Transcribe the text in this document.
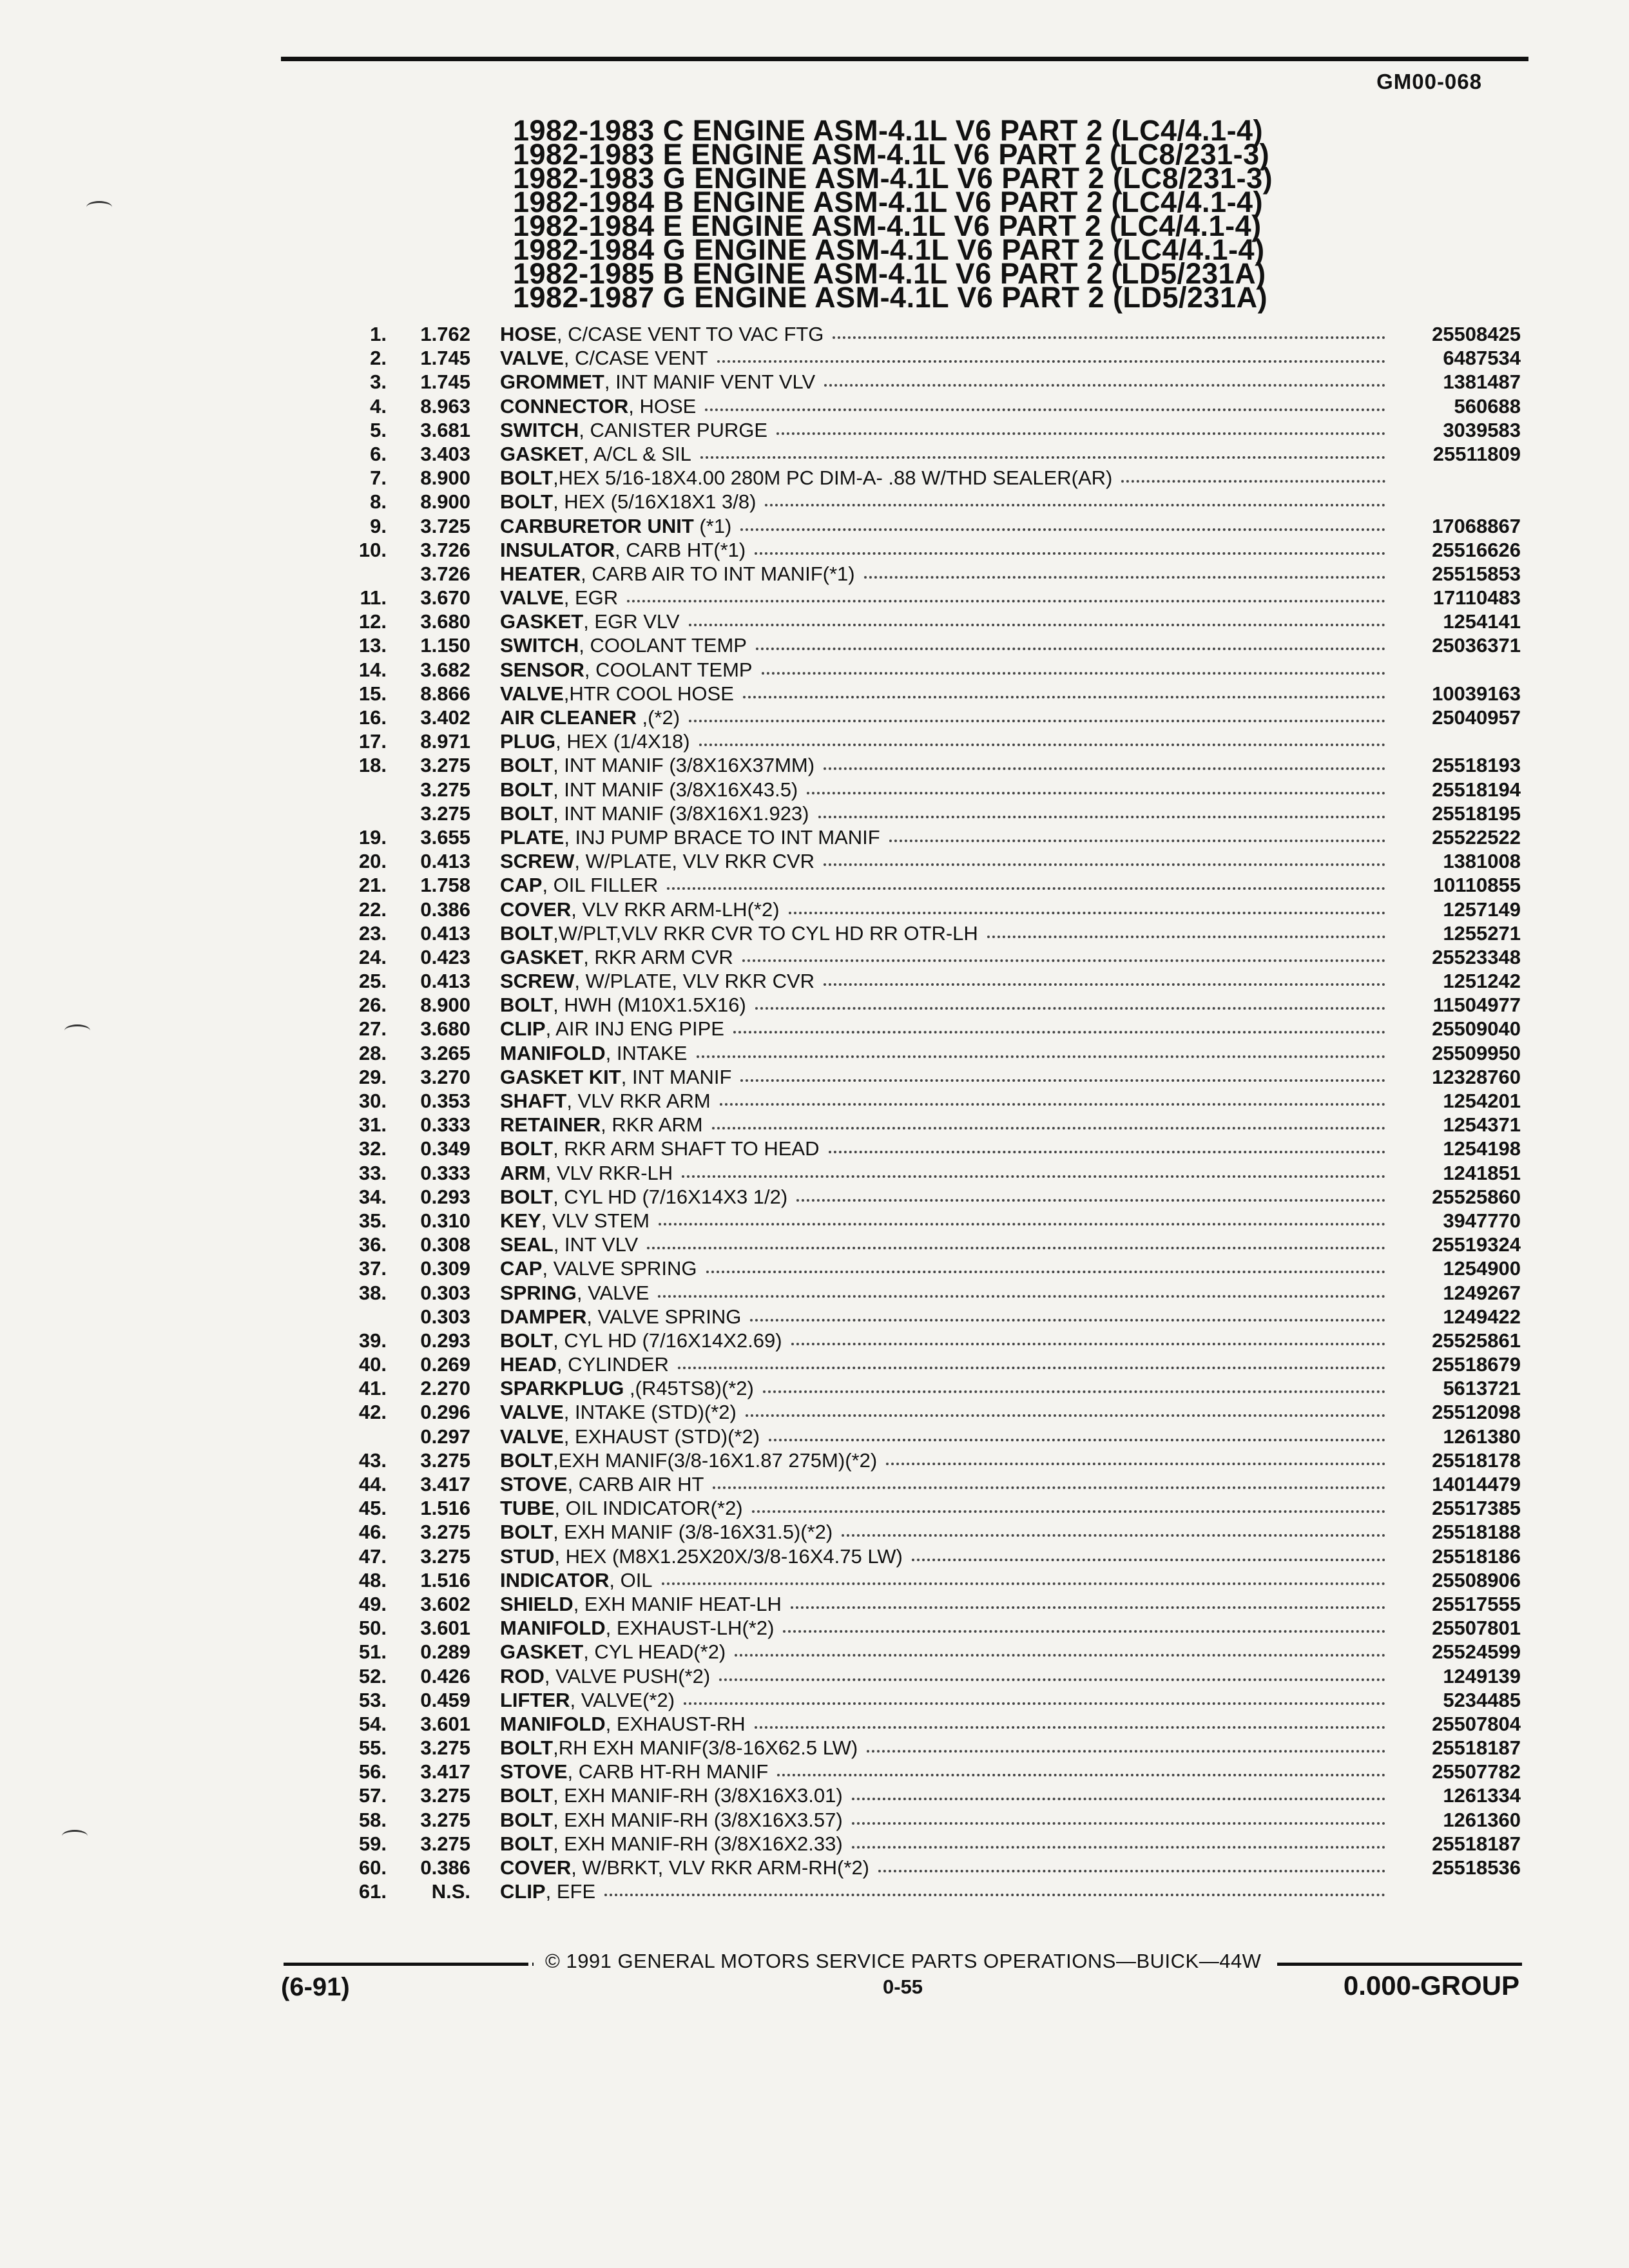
GM00-068
1982-1983 C ENGINE ASM-4.1L V6 PART 2 (LC4/4.1-4)
1982-1983 E ENGINE ASM-4.1L V6 PART 2 (LC8/231-3)
1982-1983 G ENGINE ASM-4.1L V6 PART 2 (LC8/231-3)
1982-1984 B ENGINE ASM-4.1L V6 PART 2 (LC4/4.1-4)
1982-1984 E ENGINE ASM-4.1L V6 PART 2 (LC4/4.1-4)
1982-1984 G ENGINE ASM-4.1L V6 PART 2 (LC4/4.1-4)
1982-1985 B ENGINE ASM-4.1L V6 PART 2 (LD5/231A)
1982-1987 G ENGINE ASM-4.1L V6 PART 2 (LD5/231A)
1.	1.762 HOSE, C/CASE VENT TO VAC FTG	25508425
2.	1.745 VALVE, C/CASE VENT	6487534
3.	1.745 GROMMET, INT MANIF VENT VLV	1381487
4.	8.963 CONNECTOR, HOSE	560688
5.	3.681 SWITCH, CANISTER PURGE	3039583
6.	3.403 GASKET, A/CL & SIL	25511809
7.	8.900 BOLT,HEX 5/16-18X4.00 280M PC DIM-A- .88 W/THD SEALER(AR)
8.	8.900 BOLT, HEX (5/16X18X1 3/8)
9.	3.725 CARBURETOR UNIT (*1)	17068867
10.	3.726 INSULATOR, CARB HT(*1)	25516626
3.726 HEATER, CARB AIR TO INT MANIF(*1)	25515853
11.	3.670 VALVE, EGR	17110483
12.	3.680 GASKET, EGR VLV	1254141
13.	1.150 SWITCH, COOLANT TEMP	25036371
14.	3.682 SENSOR, COOLANT TEMP
15.	8.866 VALVE,HTR COOL HOSE	10039163
16.	3.402 AIR CLEANER ,(*2)	25040957
17.	8.971 PLUG, HEX (1/4X18)
18.	3.275 BOLT, INT MANIF (3/8X16X37MM)	25518193
3.275 BOLT, INT MANIF (3/8X16X43.5)	25518194
3.275 BOLT, INT MANIF (3/8X16X1.923)	25518195
19.	3.655 PLATE, INJ PUMP BRACE TO INT MANIF	25522522
20.	0.413 SCREW, W/PLATE, VLV RKR CVR	1381008
21.	1.758 CAP, OIL FILLER	10110855
22.	0.386 COVER, VLV RKR ARM-LH(*2)	1257149
23.	0.413 BOLT,W/PLT,VLV RKR CVR TO CYL HD RR OTR-LH	1255271
24.	0.423 GASKET, RKR ARM CVR	25523348
25.	0.413 SCREW, W/PLATE, VLV RKR CVR	1251242
26.	8.900 BOLT, HWH (M10X1.5X16)	11504977
27.	3.680 CLIP, AIR INJ ENG PIPE	25509040
28.	3.265 MANIFOLD, INTAKE	25509950
29.	3.270 GASKET KIT, INT MANIF	12328760
30.	0.353 SHAFT, VLV RKR ARM	1254201
31.	0.333 RETAINER, RKR ARM	1254371
32.	0.349 BOLT, RKR ARM SHAFT TO HEAD	1254198
33.	0.333 ARM, VLV RKR-LH	1241851
34.	0.293 BOLT, CYL HD (7/16X14X3 1/2)	25525860
35.	0.310 KEY, VLV STEM	3947770
36.	0.308 SEAL, INT VLV	25519324
37.	0.309 CAP, VALVE SPRING	1254900
38.	0.303 SPRING, VALVE	1249267
0.303 DAMPER, VALVE SPRING	1249422
39.	0.293 BOLT, CYL HD (7/16X14X2.69)	25525861
40.	0.269 HEAD, CYLINDER	25518679
41.	2.270 SPARKPLUG ,(R45TS8)(*2)	5613721
42.	0.296 VALVE, INTAKE (STD)(*2)	25512098
0.297 VALVE, EXHAUST (STD)(*2)	1261380
43.	3.275 BOLT,EXH MANIF(3/8-16X1.87 275M)(*2)	25518178
44.	3.417 STOVE, CARB AIR HT	14014479
45.	1.516 TUBE, OIL INDICATOR(*2)	25517385
46.	3.275 BOLT, EXH MANIF (3/8-16X31.5)(*2)	25518188
47.	3.275 STUD, HEX (M8X1.25X20X/3/8-16X4.75 LW)	25518186
48.	1.516 INDICATOR, OIL	25508906
49.	3.602 SHIELD, EXH MANIF HEAT-LH	25517555
50.	3.601 MANIFOLD, EXHAUST-LH(*2)	25507801
51.	0.289 GASKET, CYL HEAD(*2)	25524599
52.	0.426 ROD, VALVE PUSH(*2)	1249139
53.	0.459 LIFTER, VALVE(*2)	5234485
54.	3.601 MANIFOLD, EXHAUST-RH	25507804
55.	3.275 BOLT,RH EXH MANIF(3/8-16X62.5 LW)	25518187
56.	3.417 STOVE, CARB HT-RH MANIF	25507782
57.	3.275 BOLT, EXH MANIF-RH (3/8X16X3.01)	1261334
58.	3.275 BOLT, EXH MANIF-RH (3/8X16X3.57)	1261360
59.	3.275 BOLT, EXH MANIF-RH (3/8X16X2.33)	25518187
60.	0.386 COVER, W/BRKT, VLV RKR ARM-RH(*2)	25518536
61.	N.S. CLIP, EFE
© 1991 GENERAL MOTORS SERVICE PARTS OPERATIONS—BUICK—44W
(6-91)	0-55	0.000-GROUP
